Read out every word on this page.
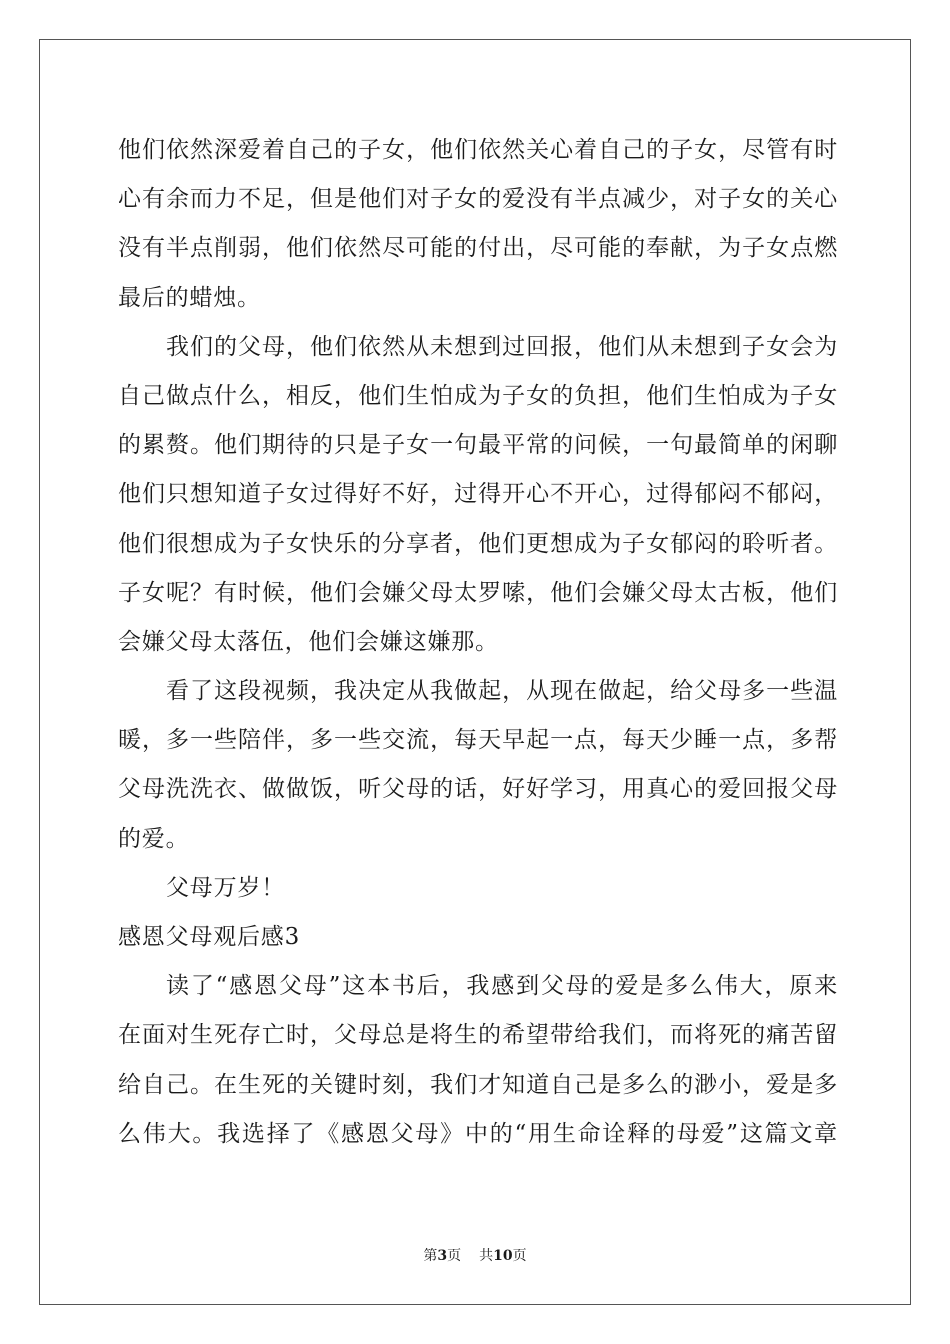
他们依然深爱着自己的子女，他们依然关心着自己的子女，尽管有时
心有余而力不足，但是他们对子女的爱没有半点减少，对子女的关心
没有半点削弱，他们依然尽可能的付出，尽可能的奉献，为子女点燃
最后的蜡烛。
我们的父母，他们依然从未想到过回报，他们从未想到子女会为
自己做点什么，相反，他们生怕成为子女的负担，他们生怕成为子女
的累赘。他们期待的只是子女一句最平常的问候，一句最简单的闲聊
他们只想知道子女过得好不好，过得开心不开心，过得郁闷不郁闷，
他们很想成为子女快乐的分享者，他们更想成为子女郁闷的聆听者。
子女呢？有时候，他们会嫌父母太罗嗦，他们会嫌父母太古板，他们
会嫌父母太落伍，他们会嫌这嫌那。
看了这段视频，我决定从我做起，从现在做起，给父母多一些温
暖，多一些陪伴，多一些交流，每天早起一点，每天少睡一点，多帮
父母洗洗衣、做做饭，听父母的话，好好学习，用真心的爱回报父母
的爱。
父母万岁！
感恩父母观后感3
读了“感恩父母”这本书后，我感到父母的爱是多么伟大，原来
在面对生死存亡时，父母总是将生的希望带给我们，而将死的痛苦留
给自己。在生死的关键时刻，我们才知道自己是多么的渺小，爱是多
么伟大。我选择了《感恩父母》中的“用生命诠释的母爱”这篇文章
第3页 共10页
